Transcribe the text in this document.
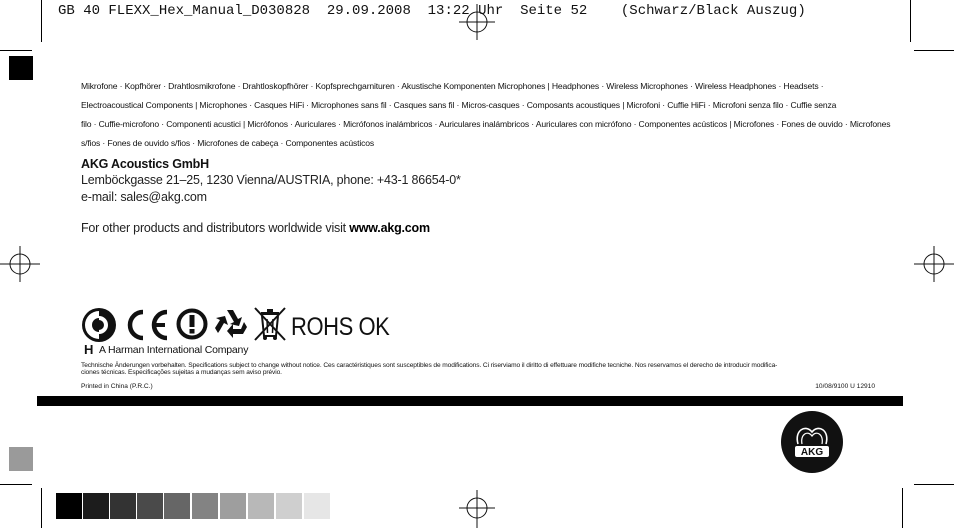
GB 40 FLEXX_Hex_Manual_D030828  29.09.2008  13:22 Uhr  Seite 52    (Schwarz/Black Auszug)
Mikrofone · Kopfhörer · Drahtlosmikrofone · Drahtloskopfhörer · Kopfsprechgarnituren · Akustische Komponenten Microphones | Headphones · Wireless Microphones · Wireless Headphones · Headsets ·
Electroacoustical Components | Microphones · Casques HiFi · Microphones sans fil · Casques sans fil · Micros-casques · Composants acoustiques | Microfoni · Cuffie HiFi · Microfoni senza filo · Cuffie senza
filo · Cuffie-microfono · Componenti acustici | Micrófonos · Auriculares · Micrófonos inalámbricos · Auriculares inalámbricos · Auriculares con micrófono · Componentes acústicos | Microfones · Fones de ouvido · Microfones
s/fios · Fones de ouvido s/fios · Microfones de cabeça · Componentes acústicos
AKG Acoustics GmbH
Lemböckgasse 21–25, 1230 Vienna/AUSTRIA, phone: +43-1 86654-0*
e-mail: sales@akg.com
For other products and distributors worldwide visit www.akg.com
ROHS OK
H A Harman International Company
Technische Änderungen vorbehalten. Specifications subject to change without notice. Ces caractéristiques sont susceptibles de modifications. Ci riserviamo il diritto di effettuare modifiche tecniche. Nos reservamos el derecho de introducir modifica-
ciones técnicas. Especificações sujeitas a mudanças sem aviso prévio.
Printed in China (P.R.C.)	10/08/9100 U 12910
AKG
